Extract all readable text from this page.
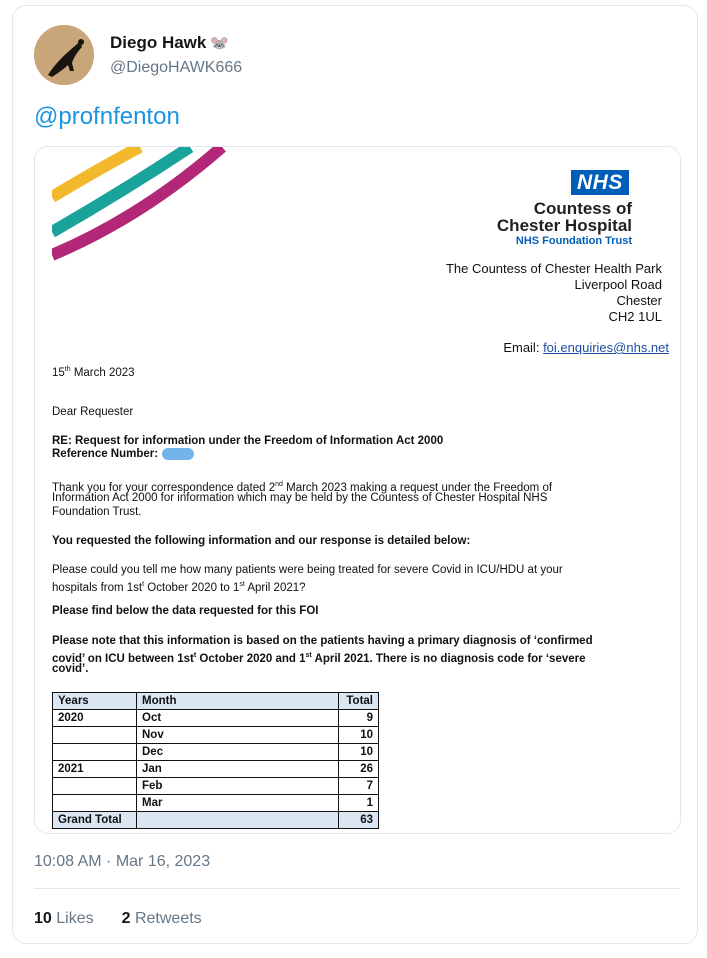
Diego Hawk 🐭
@DiegoHAWK666
@profnfenton
NHS
Countess of
Chester Hospital
NHS Foundation Trust
The Countess of Chester Health Park
Liverpool Road
Chester
CH2 1UL
Email: foi.enquiries@nhs.net
15th March 2023
Dear Requester
RE: Request for information under the Freedom of Information Act 2000
Reference Number:
Thank you for your correspondence dated 2nd March 2023 making a request under the Freedom of
Information Act 2000 for information which may be held by the Countess of Chester Hospital NHS
Foundation Trust.
You requested the following information and our response is detailed below:
Please could you tell me how many patients were being treated for severe Covid in ICU/HDU at your
hospitals from $1st^t$ October 2020 to 1st April 2021?
Please find below the data requested for this FOI
Please note that this information is based on the patients having a primary diagnosis of ‘confirmed
covid’ on ICU between $1st^t$ October 2020 and 1st April 2021. There is no diagnosis code for ‘severe
covid’.
Years	Month	Total
2020	Oct	9
	Nov	10
	Dec	10
2021	Jan	26
	Feb	7
	Mar	1
Grand Total		63
10:08 AM · Mar 16, 2023
10 Likes 2 Retweets
